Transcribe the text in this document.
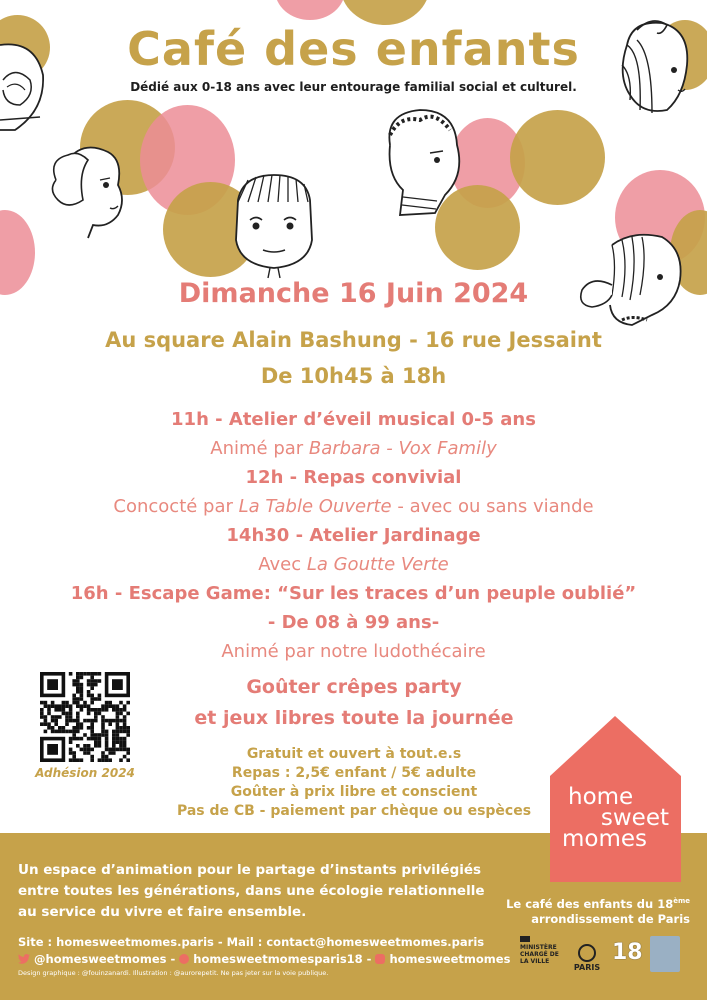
Café des enfants
Dédié aux 0-18 ans avec leur entourage familial social et culturel.
Dimanche 16 Juin 2024
Au square Alain Bashung - 16 rue Jessaint
De 10h45 à 18h
11h - Atelier d’éveil musical 0-5 ans
Animé par Barbara - Vox Family
12h - Repas convivial
Concocté par La Table Ouverte - avec ou sans viande
14h30 - Atelier Jardinage
Avec La Goutte Verte
16h - Escape Game: “Sur les traces d’un peuple oublié”
- De 08 à 99 ans-
Animé par notre ludothécaire
Adhésion 2024
Goûter crêpes party
et jeux libres toute la journée
Gratuit et ouvert à tout.e.s
Repas : 2,5€ enfant / 5€ adulte
Goûter à prix libre et conscient
Pas de CB - paiement par chèque ou espèces
home
sweet
momes
Un espace d’animation pour le partage d’instants privilégiés entre toutes les générations, dans une écologie relationnelle au service du vivre et faire ensemble.
Le café des enfants du 18ème
arrondissement de Paris
Site : homesweetmomes.paris - Mail : contact@homesweetmomes.paris
@homesweetmomes -  homesweetmomesparis18 -  homesweetmomes
Design graphique : @fouinzanardi. Illustration : @aurorepetit. Ne pas jeter sur la voie publique.
MINISTÈRE CHARGÉ DE LA VILLE
PARIS
18
